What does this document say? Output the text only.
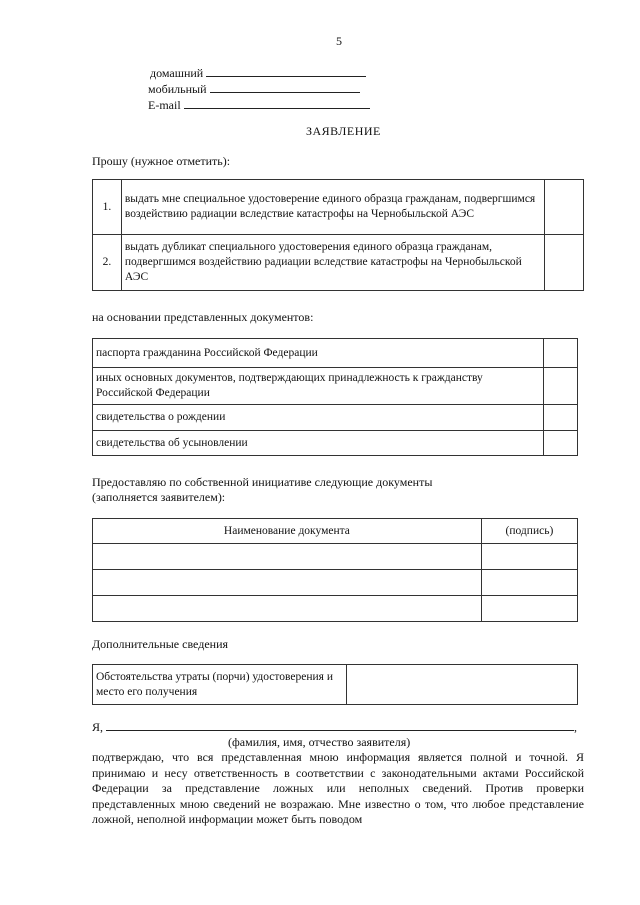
5
домашний
мобильный
E-mail
ЗАЯВЛЕНИЕ
Прошу (нужное отметить):
1.	выдать мне специальное удостоверение единого образца гражданам, подвергшимся воздействию радиации вследствие катастрофы на Чернобыльской АЭС	
2.	выдать дубликат специального удостоверения единого образца гражданам, подвергшимся воздействию радиации вследствие катастрофы на Чернобыльской АЭС	
на основании представленных документов:
паспорта гражданина Российской Федерации	
иных основных документов, подтверждающих принадлежность к гражданству Российской Федерации	
свидетельства о рождении	
свидетельства об усыновлении	
Предоставляю по собственной инициативе следующие документы
(заполняется заявителем):
Наименование документа	(подпись)

Дополнительные сведения
Обстоятельства утраты (порчи) удостоверения и место его получения	
Я,	,
(фамилия, имя, отчество заявителя)
подтверждаю, что вся представленная мною информация является полной и точной. Я принимаю и несу ответственность в соответствии с законодательными актами Российской Федерации за представление ложных или неполных сведений. Против проверки представленных мною сведений не возражаю. Мне известно о том, что любое представление ложной, неполной информации может быть поводом
